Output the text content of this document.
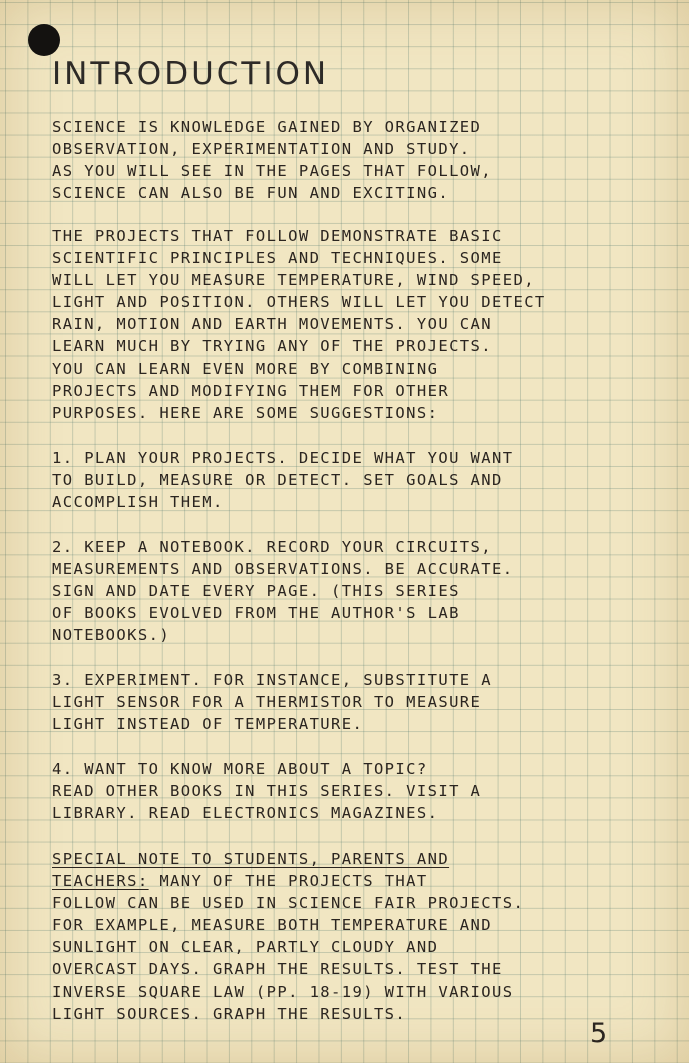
INTRODUCTION
SCIENCE IS KNOWLEDGE GAINED BY ORGANIZED
OBSERVATION, EXPERIMENTATION AND STUDY.
AS YOU WILL SEE IN THE PAGES THAT FOLLOW,
SCIENCE CAN ALSO BE FUN AND EXCITING.
THE PROJECTS THAT FOLLOW DEMONSTRATE BASIC
SCIENTIFIC PRINCIPLES AND TECHNIQUES. SOME
WILL LET YOU MEASURE TEMPERATURE, WIND SPEED,
LIGHT AND POSITION. OTHERS WILL LET YOU DETECT
RAIN, MOTION AND EARTH MOVEMENTS. YOU CAN
LEARN MUCH BY TRYING ANY OF THE PROJECTS.
YOU CAN LEARN EVEN MORE BY COMBINING
PROJECTS AND MODIFYING THEM FOR OTHER
PURPOSES. HERE ARE SOME SUGGESTIONS:
1. PLAN YOUR PROJECTS. DECIDE WHAT YOU WANT
TO BUILD, MEASURE OR DETECT. SET GOALS AND
ACCOMPLISH THEM.
2. KEEP A NOTEBOOK. RECORD YOUR CIRCUITS,
MEASUREMENTS AND OBSERVATIONS. BE ACCURATE.
SIGN AND DATE EVERY PAGE. (THIS SERIES
OF BOOKS EVOLVED FROM THE AUTHOR'S LAB
NOTEBOOKS.)
3. EXPERIMENT. FOR INSTANCE, SUBSTITUTE A
LIGHT SENSOR FOR A THERMISTOR TO MEASURE
LIGHT INSTEAD OF TEMPERATURE.
4. WANT TO KNOW MORE ABOUT A TOPIC?
READ OTHER BOOKS IN THIS SERIES. VISIT A
LIBRARY. READ ELECTRONICS MAGAZINES.
SPECIAL NOTE TO STUDENTS, PARENTS AND
TEACHERS: MANY OF THE PROJECTS THAT
FOLLOW CAN BE USED IN SCIENCE FAIR PROJECTS.
FOR EXAMPLE, MEASURE BOTH TEMPERATURE AND
SUNLIGHT ON CLEAR, PARTLY CLOUDY AND
OVERCAST DAYS. GRAPH THE RESULTS. TEST THE
INVERSE SQUARE LAW (PP. 18-19) WITH VARIOUS
LIGHT SOURCES. GRAPH THE RESULTS.
5
